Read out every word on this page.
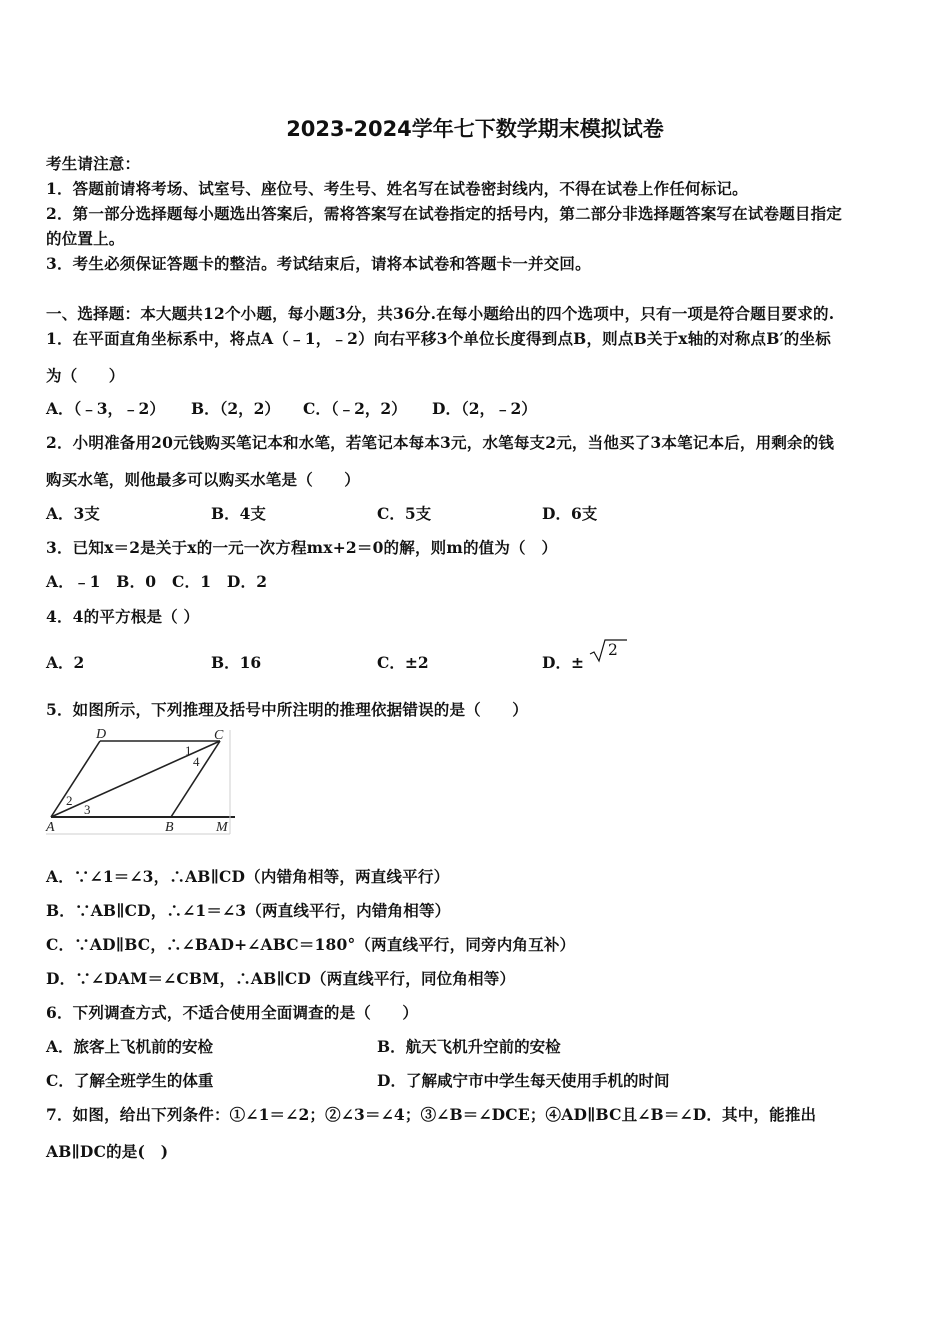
2023-2024学年七下数学期末模拟试卷
考生请注意：
1．答题前请将考场、试室号、座位号、考生号、姓名写在试卷密封线内，不得在试卷上作任何标记。
2．第一部分选择题每小题选出答案后，需将答案写在试卷指定的括号内，第二部分非选择题答案写在试卷题目指定
的位置上。
3．考生必须保证答题卡的整洁。考试结束后，请将本试卷和答题卡一并交回。
一、选择题：本大题共12个小题，每小题3分，共36分.在每小题给出的四个选项中，只有一项是符合题目要求的.
1．在平面直角坐标系中，将点A（﹣1，﹣2）向右平移3个单位长度得到点B，则点B关于x轴的对称点B′的坐标
为（　　）
A．（﹣3，﹣2） B．（2，2） C．（﹣2，2） D．（2，﹣2）
2．小明准备用20元钱购买笔记本和水笔，若笔记本每本3元，水笔每支2元，当他买了3本笔记本后，用剩余的钱
购买水笔，则他最多可以购买水笔是（　　）
A．3支	B．4支	C．5支	D．6支
3．已知x＝2是关于x的一元一次方程mx+2＝0的解，则m的值为（　）
A．﹣1　B．0　C．1　D．2
4．4的平方根是（ ）
A．2	B．16	C．±2	D．±
2
5．如图所示，下列推理及括号中所注明的推理依据错误的是（　　）
D	C
1
4
2
3
A	B	M
A．∵∠1＝∠3，∴AB∥CD（内错角相等，两直线平行）
B．∵AB∥CD，∴∠1＝∠3（两直线平行，内错角相等）
C．∵AD∥BC，∴∠BAD+∠ABC＝180°（两直线平行，同旁内角互补）
D．∵∠DAM＝∠CBM，∴AB∥CD（两直线平行，同位角相等）
6．下列调查方式，不适合使用全面调查的是（　　）
A．旅客上飞机前的安检	B．航天飞机升空前的安检
C．了解全班学生的体重	D．了解咸宁市中学生每天使用手机的时间
7．如图，给出下列条件：①∠1＝∠2；②∠3＝∠4；③∠B＝∠DCE；④AD∥BC且∠B＝∠D．其中，能推出
AB∥DC的是(　)
